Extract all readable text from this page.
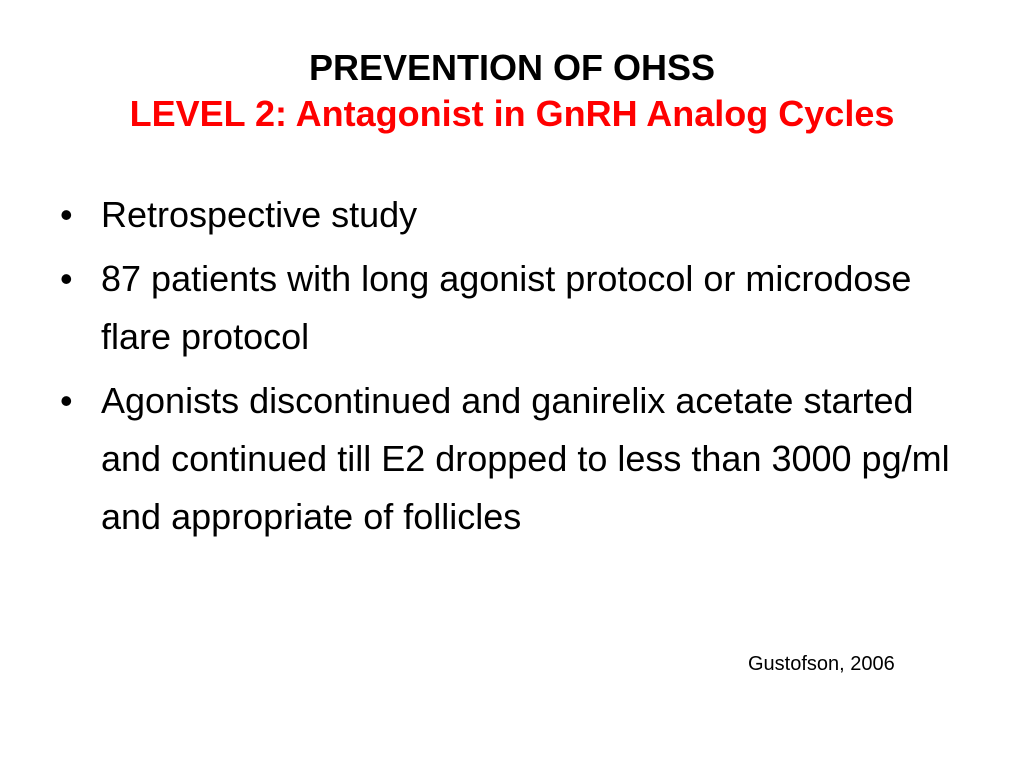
PREVENTION OF OHSS
LEVEL 2: Antagonist in GnRH Analog Cycles
• Retrospective study
• 87 patients with long agonist protocol or microdose flare protocol
• Agonists discontinued and ganirelix acetate started and continued till E2 dropped to less than 3000 pg/ml and appropriate of follicles
Gustofson, 2006
